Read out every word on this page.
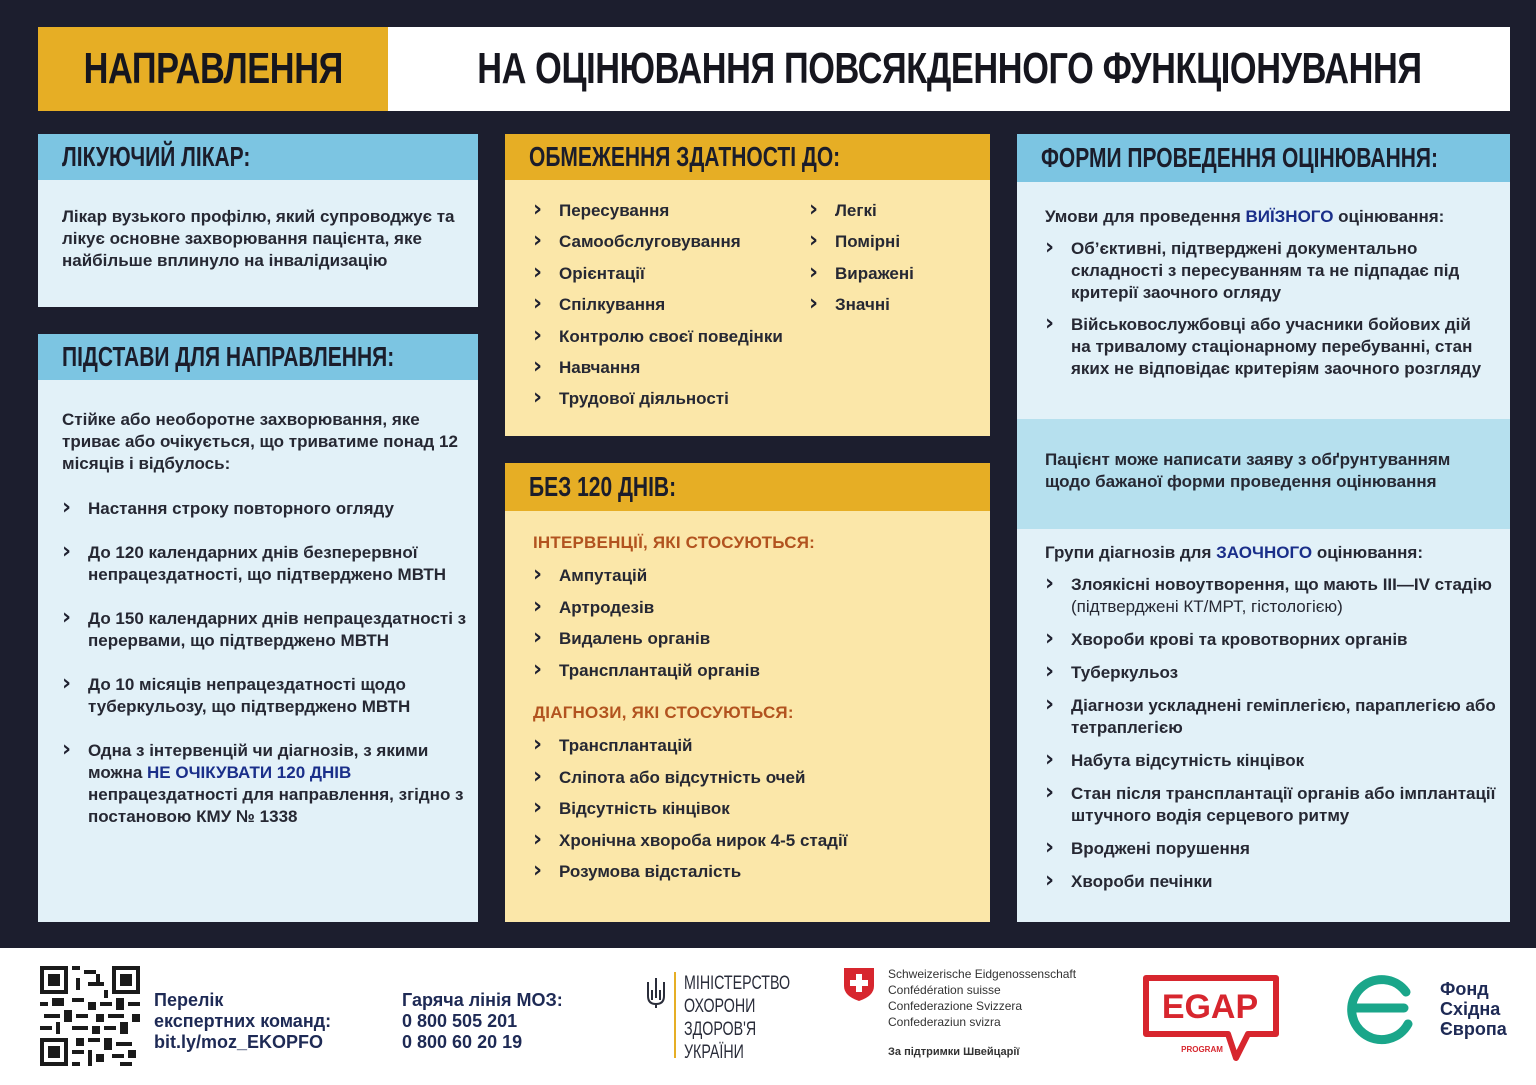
НАПРАВЛЕННЯ	НА ОЦІНЮВАННЯ ПОВСЯКДЕННОГО ФУНКЦІОНУВАННЯ
ЛІКУЮЧИЙ ЛІКАР:
Лікар вузького профілю, який супроводжує та лікує основне захворювання пацієнта, яке найбільше вплинуло на інвалідизацію
ПІДСТАВИ ДЛЯ НАПРАВЛЕННЯ:
Стійке або необоротне захворювання, яке триває або очікується, що триватиме понад 12 місяців і відбулось:
› Настання строку повторного огляду
› До 120 календарних днів безперервної непрацездатності, що підтверджено МВТН
› До 150 календарних днів непрацездатності з перервами, що підтверджено МВТН
› До 10 місяців непрацездатності щодо туберкульозу, що підтверджено МВТН
› Одна з інтервенцій чи діагнозів, з якими можна НЕ ОЧІКУВАТИ 120 ДНІВ непрацездатності для направлення, згідно з постановою КМУ № 1338
ОБМЕЖЕННЯ ЗДАТНОСТІ ДО:
› Пересування
› Самообслуговування
› Орієнтації
› Спілкування
› Контролю своєї поведінки
› Навчання
› Трудової діяльності
› Легкі
› Помірні
› Виражені
› Значні
БЕЗ 120 ДНІВ:
ІНТЕРВЕНЦІЇ, ЯКІ СТОСУЮТЬСЯ:
› Ампутацій
› Артродезів
› Видалень органів
› Трансплантацій органів
ДІАГНОЗИ, ЯКІ СТОСУЮТЬСЯ:
› Трансплантацій
› Сліпота або відсутність очей
› Відсутність кінцівок
› Хронічна хвороба нирок 4-5 стадії
› Розумова відсталість
ФОРМИ ПРОВЕДЕННЯ ОЦІНЮВАННЯ:
Умови для проведення ВИЇЗНОГО оцінювання:
› Об’єктивні, підтверджені документально складності з пересуванням та не підпадає під критерії заочного огляду
› Військовослужбовці або учасники бойових дій на тривалому стаціонарному перебуванні, стан яких не відповідає критеріям заочного розгляду
Пацієнт може написати заяву з обґрунтуванням щодо бажаної форми проведення оцінювання
Групи діагнозів для ЗАОЧНОГО оцінювання:
› Злоякісні новоутворення, що мають ІІІ—IV стадію (підтверджені КТ/МРТ, гістологією)
› Хвороби крові та кровотворних органів
› Туберкульоз
› Діагнози ускладнені геміплегією, параплегією або тетраплегією
› Набута відсутність кінцівок
› Стан після трансплантації органів або імплантації штучного водія серцевого ритму
› Вроджені порушення
› Хвороби печінки
Перелік
експертних команд:
bit.ly/moz_EKOPFO
Гаряча лінія МОЗ:
0 800 505 201
0 800 60 20 19
МІНІСТЕРСТВО
ОХОРОНИ
ЗДОРОВ'Я
УКРАЇНИ
Schweizerische Eidgenossenschaft
Confédération suisse
Confederazione Svizzera
Confederaziun svizra
За підтримки Швейцарії
EGAP
PROGRAM
Фонд
Східна
Європа
